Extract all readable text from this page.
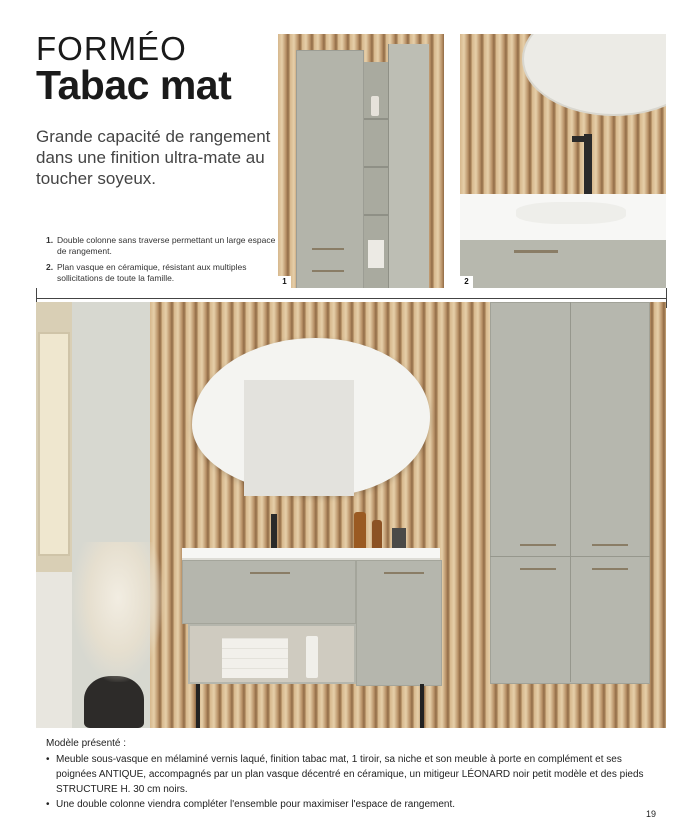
FORMÉO
Tabac mat
Grande capacité de rangement dans une finition ultra-mate au toucher soyeux.
1. Double colonne sans traverse permettant un large espace de rangement.
2. Plan vasque en céramique, résistant aux multiples sollicitations de toute la famille.	1	2
Modèle présenté :
• Meuble sous-vasque en mélaminé vernis laqué, finition tabac mat, 1 tiroir, sa niche et son meuble à porte en complément et ses poignées ANTIQUE, accompagnés par un plan vasque décentré en céramique, un mitigeur LÉONARD noir petit modèle et des pieds STRUCTURE H. 30 cm noirs.
• Une double colonne viendra compléter l'ensemble pour maximiser l'espace de rangement.
19
